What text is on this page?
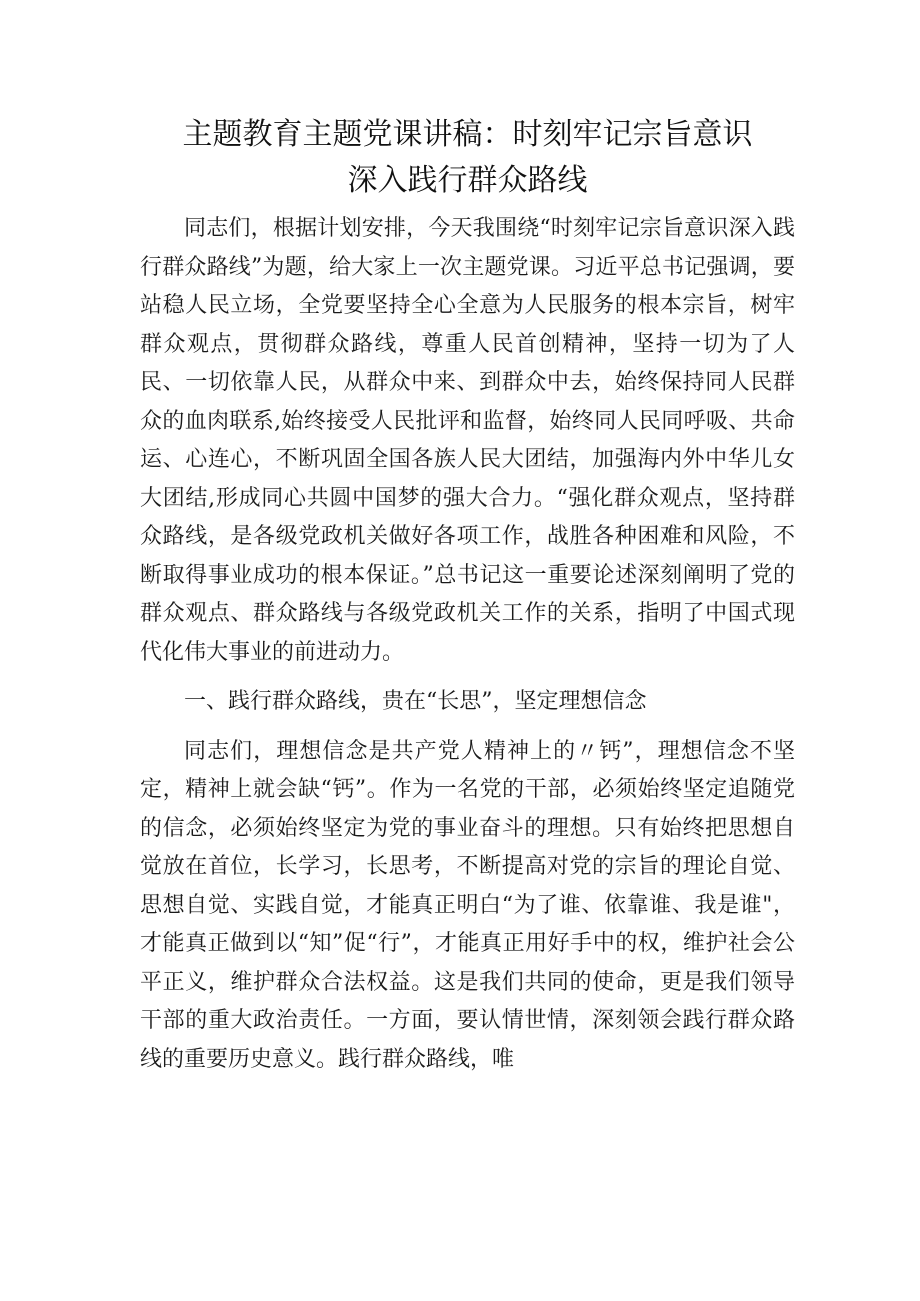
主题教育主题党课讲稿：时刻牢记宗旨意识
深入践行群众路线

同志们，根据计划安排，今天我围绕“时刻牢记宗旨意识深入践行群众路线”为题，给大家上一次主题党课。习近平总书记强调，要站稳人民立场，全党要坚持全心全意为人民服务的根本宗旨，树牢群众观点，贯彻群众路线，尊重人民首创精神，坚持一切为了人民、一切依靠人民，从群众中来、到群众中去，始终保持同人民群众的血肉联系,始终接受人民批评和监督，始终同人民同呼吸、共命运、心连心，不断巩固全国各族人民大团结，加强海内外中华儿女大团结,形成同心共圆中国梦的强大合力。“强化群众观点，坚持群众路线，是各级党政机关做好各项工作，战胜各种困难和风险，不断取得事业成功的根本保证。”总书记这一重要论述深刻阐明了党的群众观点、群众路线与各级党政机关工作的关系，指明了中国式现代化伟大事业的前进动力。

一、践行群众路线，贵在“长思”，坚定理想信念

同志们，理想信念是共产党人精神上的〃钙”，理想信念不坚定，精神上就会缺“钙”。作为一名党的干部，必须始终坚定追随党的信念，必须始终坚定为党的事业奋斗的理想。只有始终把思想自觉放在首位，长学习，长思考，不断提高对党的宗旨的理论自觉、思想自觉、实践自觉，才能真正明白“为了谁、依靠谁、我是谁"，才能真正做到以“知”促“行”，才能真正用好手中的权，维护社会公平正义，维护群众合法权益。这是我们共同的使命，更是我们领导干部的重大政治责任。一方面，要认情世情，深刻领会践行群众路线的重要历史意义。践行群众路线，唯
